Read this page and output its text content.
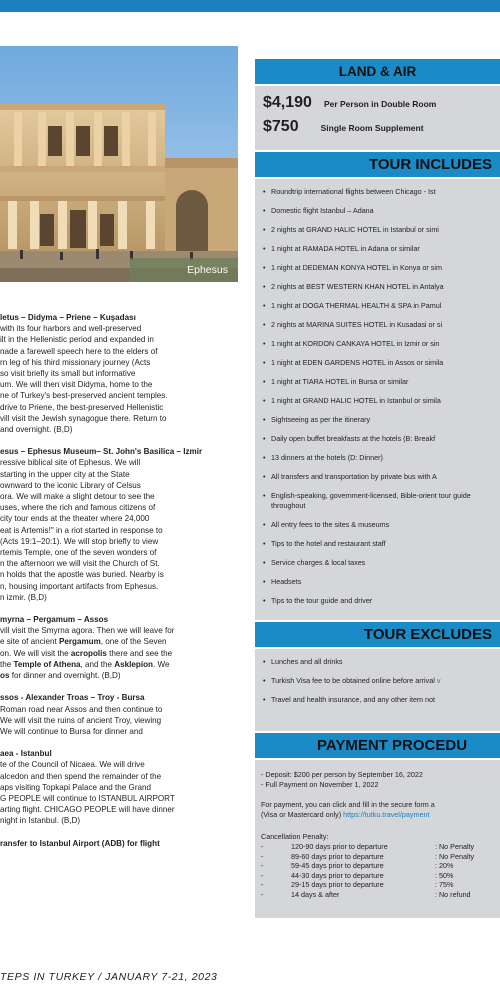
Ephesus
letus – Didyma – Priene – Kuşadası

with its four harbors and well-preserved

ilt in the Hellenistic period and expanded in

nade a farewell speech here to the elders of

rn leg of his third missionary journey (Acts

so visit briefly its small but informative

um. We will then visit Didyma, home to the

ne of Turkey's best-preserved ancient temples.

drive to Priene, the best-preserved Hellenistic

vill visit the Jewish synagogue there. Return to

and overnight. (B,D)

esus – Ephesus Museum– St. John's Basilica – Izmir

ressive biblical site of Ephesus. We will

starting in the upper city at the State

ownward to the iconic Library of Celsus

ora. We will make a slight detour to see the

uses, where the rich and famous citizens of

city tour ends at the theater where 24,000

eat is Artemis!" in a riot started in response to

(Acts 19:1–20:1). We will stop briefly to view

rtemis Temple, one of the seven wonders of

n the afternoon we will visit the Church of St.

n holds that the apostle was buried. Nearby is

n, housing important artifacts from Ephesus.

n izmir. (B,D)

myrna – Pergamum – Assos

vill visit the Smyrna agora. Then we will leave for

e site of ancient Pergamum, one of the Seven

on. We will visit the acropolis there and see the

the Temple of Athena, and the Asklepion. We

os for dinner and overnight. (B,D)

ssos - Alexander Troas – Troy - Bursa

Roman road near Assos and then continue to

We will visit the ruins of ancient Troy, viewing

We will continue to Bursa for dinner and

aea - Istanbul

te of the Council of Nicaea. We will drive

alcedon and then spend the remainder of the

aps visiting Topkapi Palace and the Grand

G PEOPLE will continue to ISTANBUL AIRPORT

arting flight. CHICAGO PEOPLE will have dinner

night in Istanbul. (B,D)

ransfer to Istanbul Airport (ADB) for flight
TEPS IN TURKEY / JANUARY 7-21, 2023
LAND & AIR
$4,190 Per Person in Double Room
$750	Single Room Supplement
TOUR INCLUDES
• Roundtrip international flights between Chicago - Ist
• Domestic flight Istanbul – Adana
• 2 nights at GRAND HALIC HOTEL in Istanbul or simi
• 1 night at RAMADA HOTEL in Adana or similar
• 1 night at DEDEMAN KONYA HOTEL in Konya or sim
• 2 nights at BEST WESTERN KHAN HOTEL in Antalya
• 1 night at DOGA THERMAL HEALTH & SPA in Pamul
• 2 nights at MARINA SUITES HOTEL in Kusadasi or si
• 1 night at KORDON CANKAYA HOTEL in Izmir or sin
• 1 night at EDEN GARDENS HOTEL in Assos or simila
• 1 night at TIARA HOTEL in Bursa or similar
• 1 night at GRAND HALIC HOTEL in Istanbul or simila
• Sightseeing as per the itinerary
• Daily open buffet breakfasts at the hotels (B: Breakf
• 13 dinners at the hotels (D: Dinner)
• All transfers and transportation by private bus with A
• English-speaking, government-licensed, Bible-orient tour guide throughout
• All entry fees to the sites & museums
• Tips to the hotel and restaurant staff
• Service charges & local taxes
• Headsets
• Tips to the tour guide and driver
TOUR EXCLUDES
• Lunches and all drinks
• Turkish Visa fee to be obtained online before arrival v
• Travel and health insurance, and any other item not
PAYMENT PROCEDU
- Deposit: $200 per person by September 16, 2022
- Full Payment on November 1, 2022
For payment, you can click and fill in the secure form a
(Visa or Mastercard only) https://tutku.travel/payment
Cancellation Penalty:
-	120-90 days prior to departure	: No Penalty
-	89-60 days prior to departure	: No Penalty
-	59-45 days prior to departure	: 20%
-	44-30 days prior to departure	: 50%
-	29-15 days prior to departure	: 75%
-	14 days & after	: No refund
